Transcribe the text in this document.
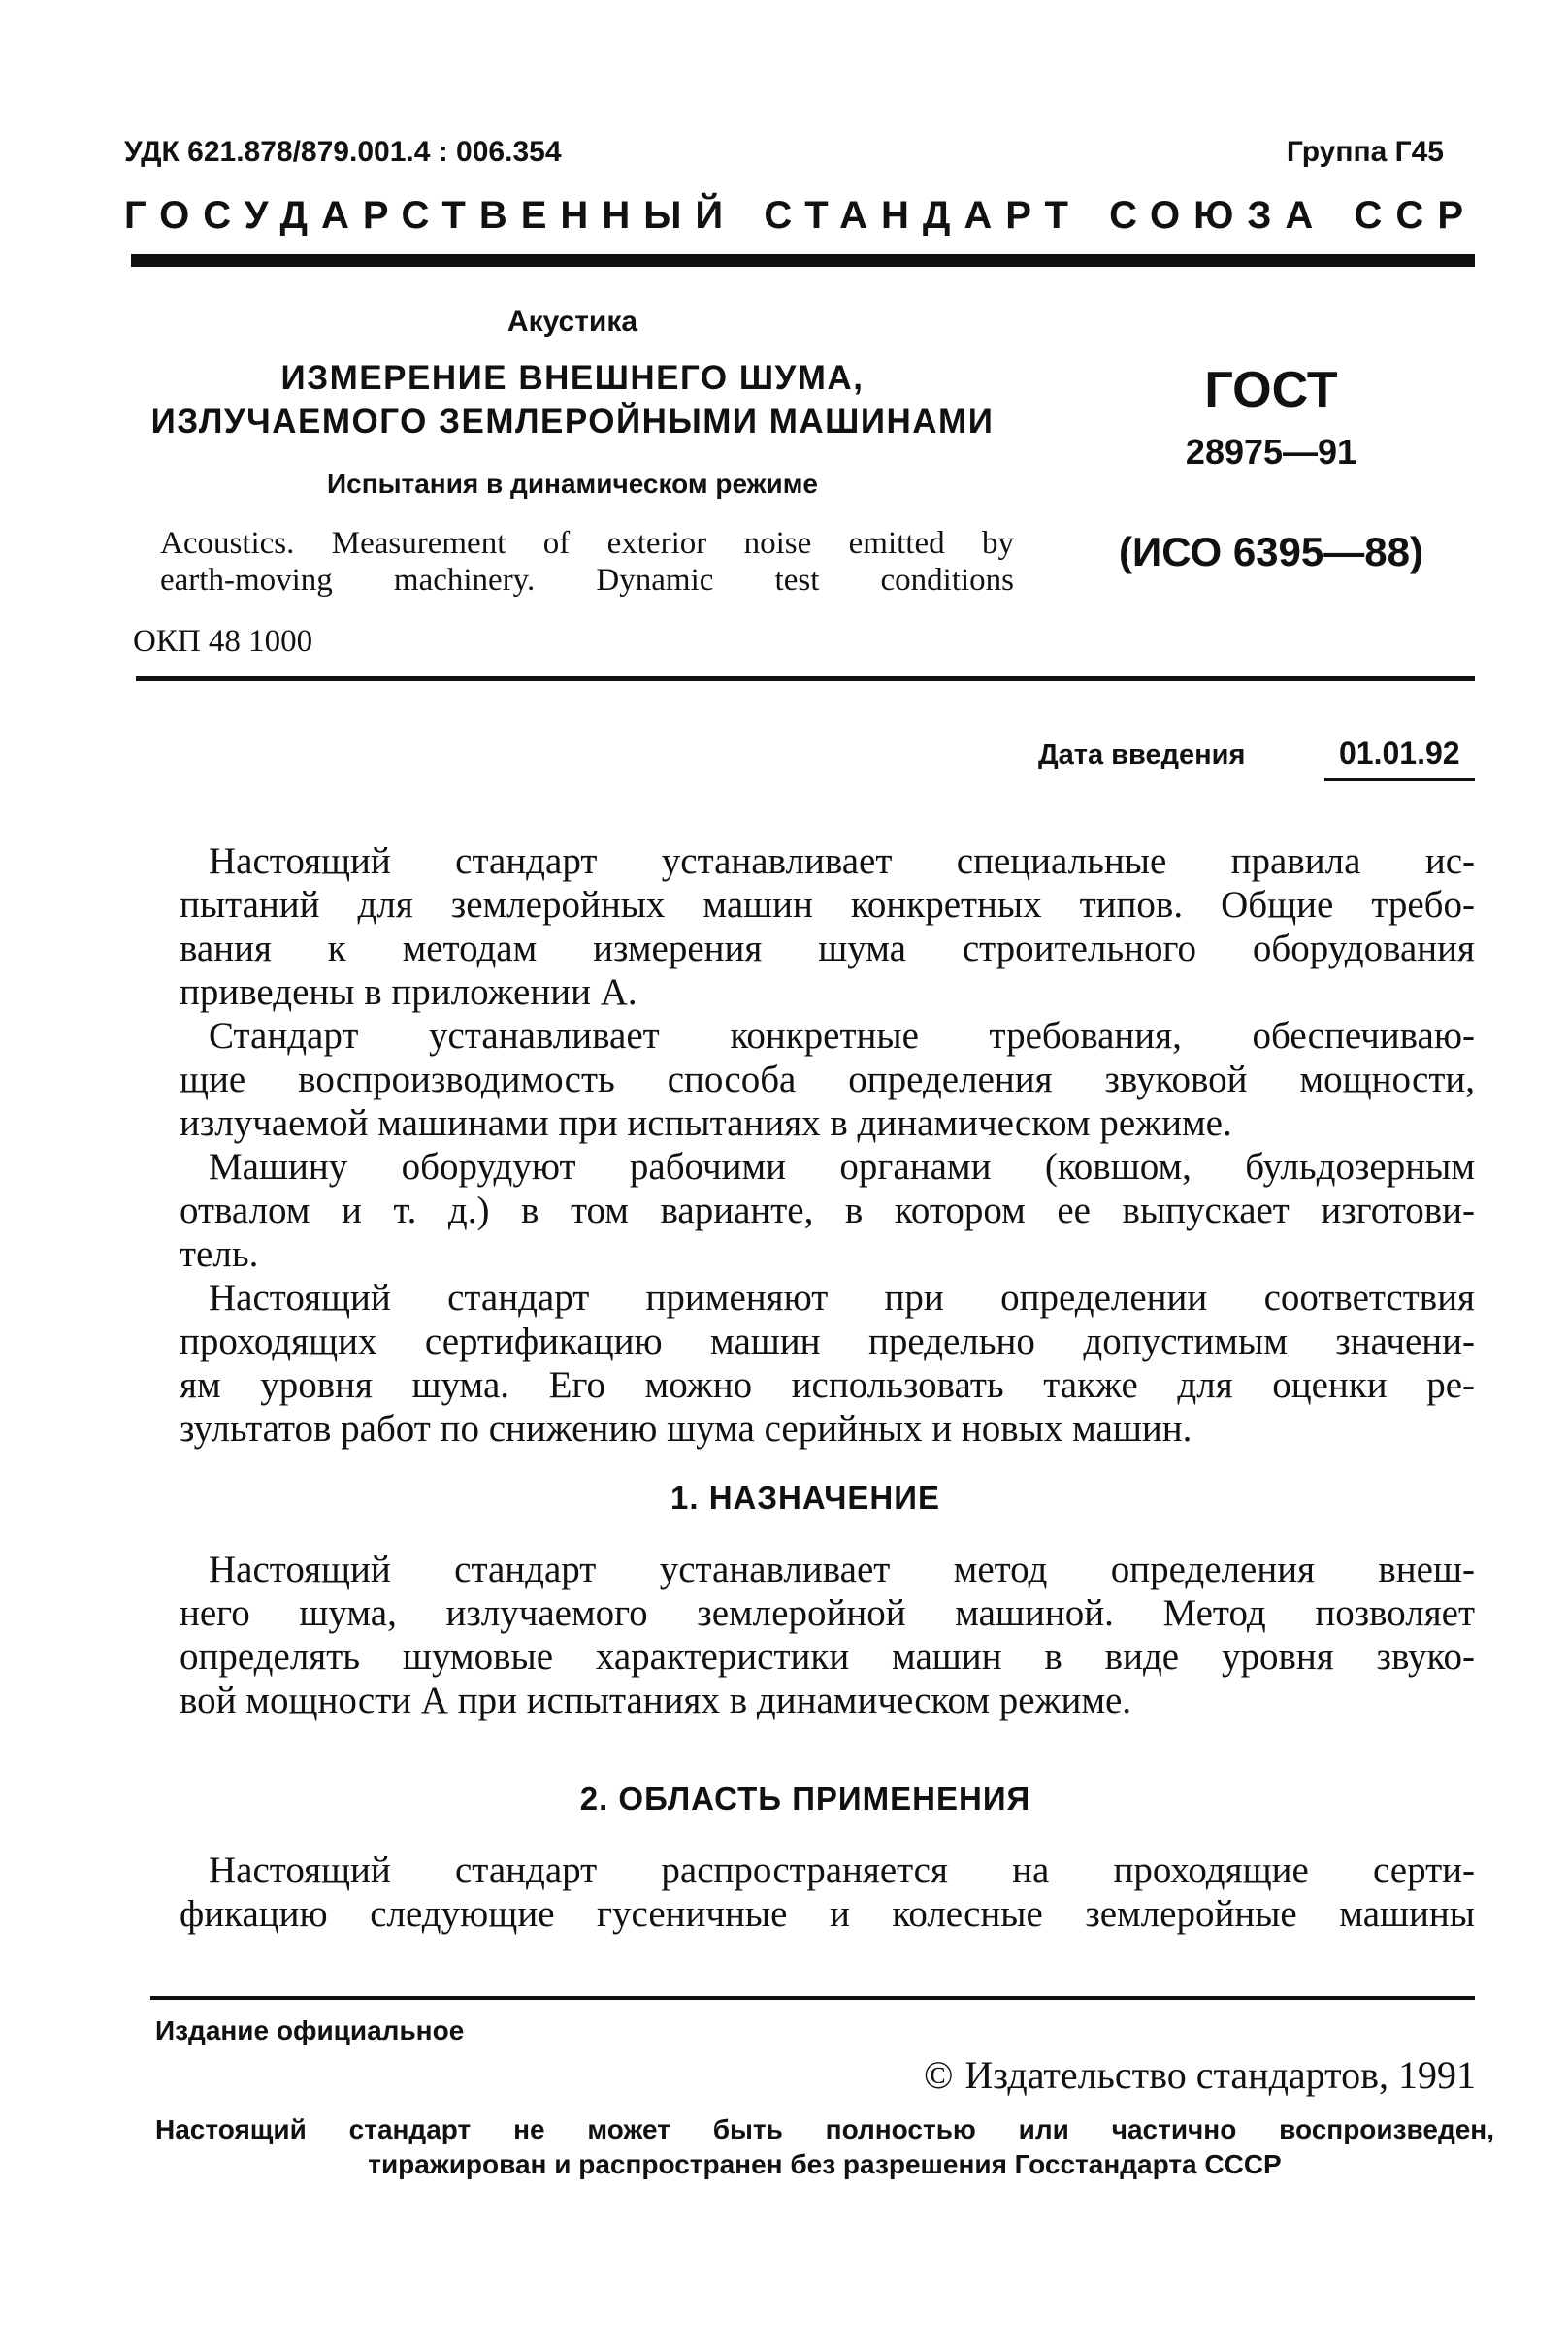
УДК 621.878/879.001.4 : 006.354	Группа Г45
ГОСУДАРСТВЕННЫЙ СТАНДАРТ СОЮЗА ССР
Акустика
ИЗМЕРЕНИЕ ВНЕШНЕГО ШУМА,
ИЗЛУЧАЕМОГО ЗЕМЛЕРОЙНЫМИ МАШИНАМИ
Испытания в динамическом режиме
ГОСТ
28975—91
(ИСО 6395—88)
Acoustics. Measurement of exterior noise emitted by
earth-moving machinery. Dynamic test conditions
ОКП 48 1000
Дата введения	01.01.92
Настоящий стандарт устанавливает специальные правила ис-
пытаний для землеройных машин конкретных типов. Общие требо-
вания к методам измерения шума строительного оборудования
приведены в приложении А.
Стандарт устанавливает конкретные требования, обеспечиваю-
щие воспроизводимость способа определения звуковой мощности,
излучаемой машинами при испытаниях в динамическом режиме.
Машину оборудуют рабочими органами (ковшом, бульдозерным
отвалом и т. д.) в том варианте, в котором ее выпускает изготови-
тель.
Настоящий стандарт применяют при определении соответствия
проходящих сертификацию машин предельно допустимым значени-
ям уровня шума. Его можно использовать также для оценки ре-
зультатов работ по снижению шума серийных и новых машин.
1. НАЗНАЧЕНИЕ
Настоящий стандарт устанавливает метод определения внеш-
него шума, излучаемого землеройной машиной. Метод позволяет
определять шумовые характеристики машин в виде уровня звуко-
вой мощности А при испытаниях в динамическом режиме.
2. ОБЛАСТЬ ПРИМЕНЕНИЯ
Настоящий стандарт распространяется на проходящие серти-
фикацию следующие гусеничные и колесные землеройные машины
Издание официальное
© Издательство стандартов, 1991
Настоящий стандарт не может быть полностью или частично воспроизведен,
тиражирован и распространен без разрешения Госстандарта СССР
